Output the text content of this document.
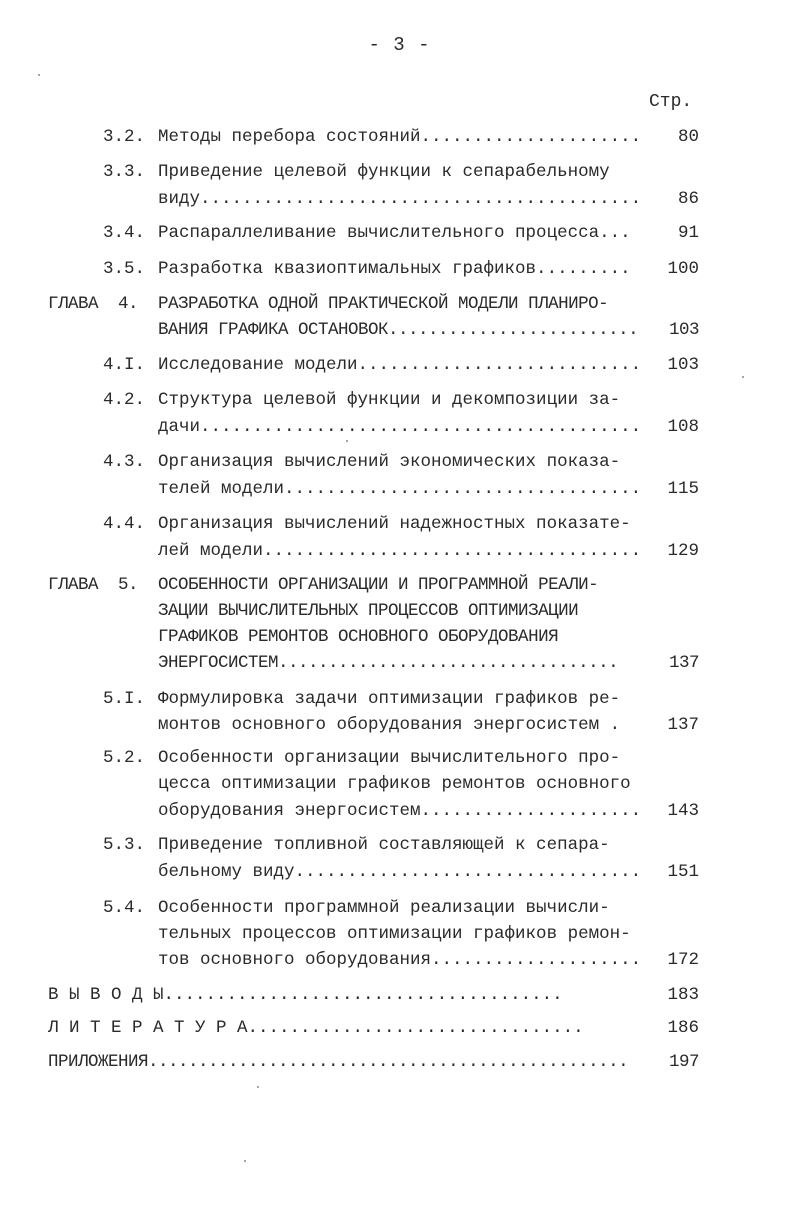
- 3 -
Стр.
3.2. Методы перебора состояний..................... 80
3.3. Приведение целевой функции к сепарабельному
виду.......................................... 86
3.4. Распараллеливание вычислительного процесса...	91
3.5. Разработка квазиоптимальных графиков......... 100
ГЛАВА  4. РАЗРАБОТКА ОДНОЙ ПРАКТИЧЕСКОЙ МОДЕЛИ ПЛАНИРО-
ВАНИЯ ГРАФИКА ОСТАНОВОК......................... 103
4.I. Исследование модели........................... 103
4.2. Структура целевой функции и декомпозиции за-
дачи.......................................... 108
4.3. Организация вычислений экономических показа-
телей модели.................................. 115
4.4. Организация вычислений надежностных показате-
лей модели.................................... 129
ГЛАВА  5. ОСОБЕННОСТИ ОРГАНИЗАЦИИ И ПРОГРАММНОЙ РЕАЛИ-
ЗАЦИИ ВЫЧИСЛИТЕЛЬНЫХ ПРОЦЕССОВ ОПТИМИЗАЦИИ
ГРАФИКОВ РЕМОНТОВ ОСНОВНОГО ОБОРУДОВАНИЯ
ЭНЕРГОСИСТЕМ..................................	137
5.I. Формулировка задачи оптимизации графиков ре-
монтов основного оборудования энергосистем .	137
5.2. Особенности организации вычислительного про-
цесса оптимизации графиков ремонтов основного
оборудования энергосистем..................... 143
5.3. Приведение топливной составляющей к сепара-
бельному виду................................. 151
5.4. Особенности программной реализации вычисли-
тельных процессов оптимизации графиков ремон-
тов основного оборудования.................... 172
В Ы В О Д Ы......................................	183
Л И Т Е Р А Т У Р А................................	186
ПРИЛОЖЕНИЯ................................................ 197
